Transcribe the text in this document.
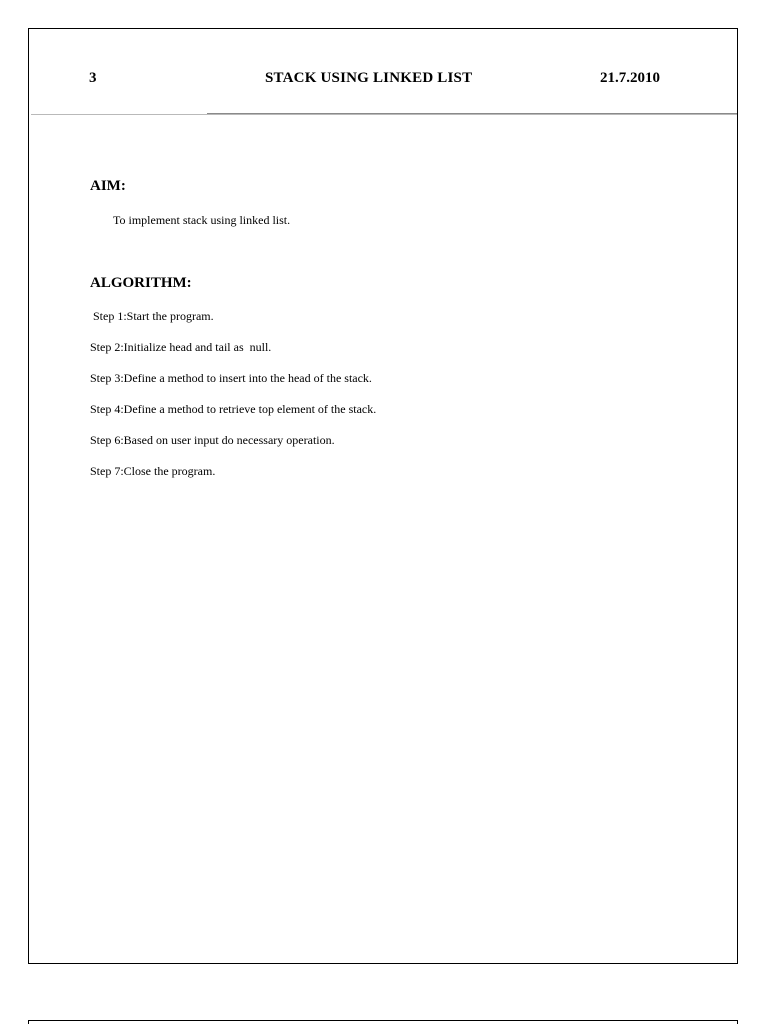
3	STACK USING LINKED LIST	21.7.2010
AIM:
To implement stack using linked list.
ALGORITHM:
Step 1:Start the program.
Step 2:Initialize head and tail as  null.
Step 3:Define a method to insert into the head of the stack.
Step 4:Define a method to retrieve top element of the stack.
Step 6:Based on user input do necessary operation.
Step 7:Close the program.
